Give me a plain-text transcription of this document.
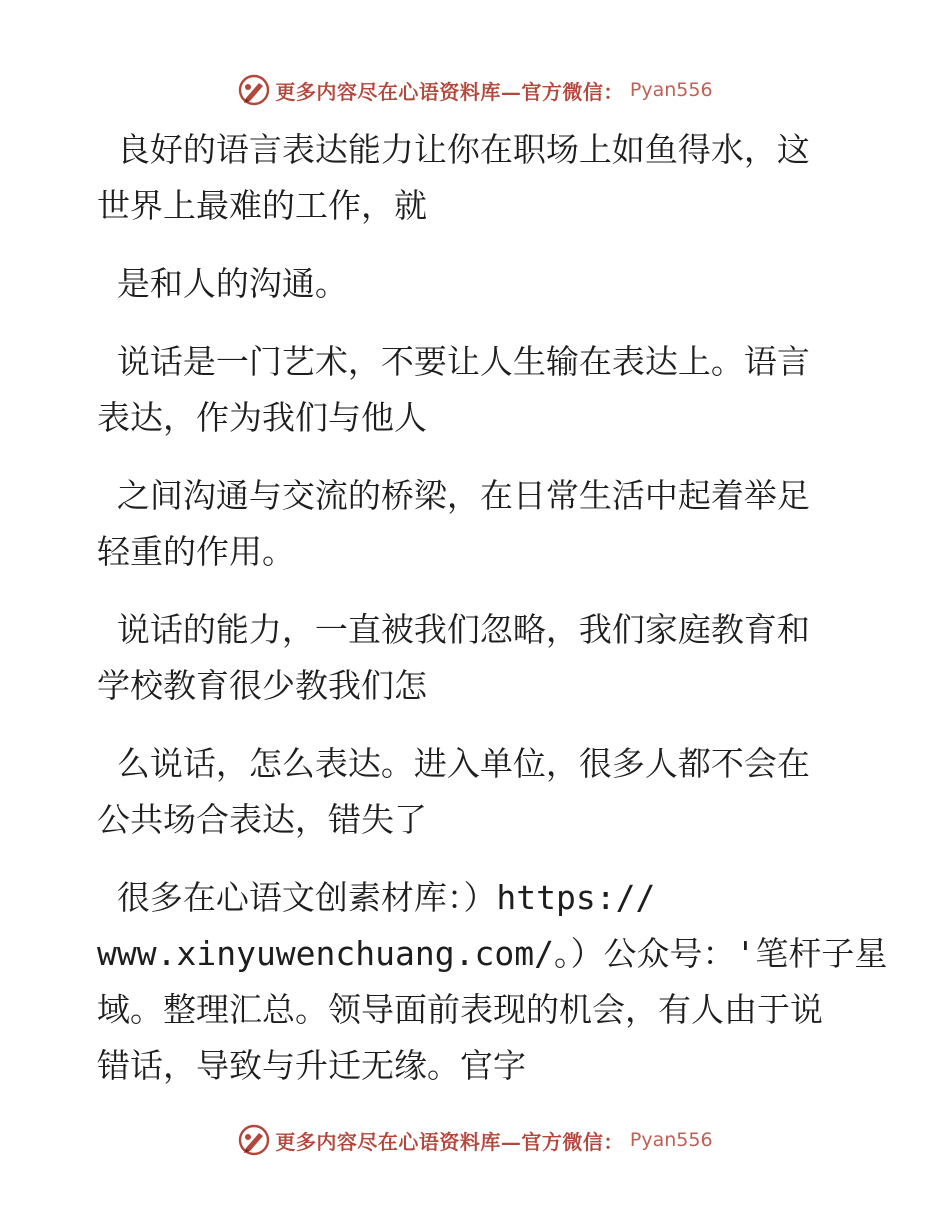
更多内容尽在心语资料库—官方微信： Pyan556

良好的语言表达能力让你在职场上如鱼得水，这
世界上最难的工作，就

是和人的沟通。

说话是一门艺术，不要让人生输在表达上。语言
表达，作为我们与他人

之间沟通与交流的桥梁，在日常生活中起着举足
轻重的作用。

说话的能力，一直被我们忽略，我们家庭教育和
学校教育很少教我们怎

么说话，怎么表达。进入单位，很多人都不会在
公共场合表达，错失了

很多在心语文创素材库：）https://
www.xinyuwenchuang.com/。）公众号：'笔杆子星
域。整理汇总。领导面前表现的机会，有人由于说
错话，导致与升迁无缘。官字

更多内容尽在心语资料库—官方微信： Pyan556
